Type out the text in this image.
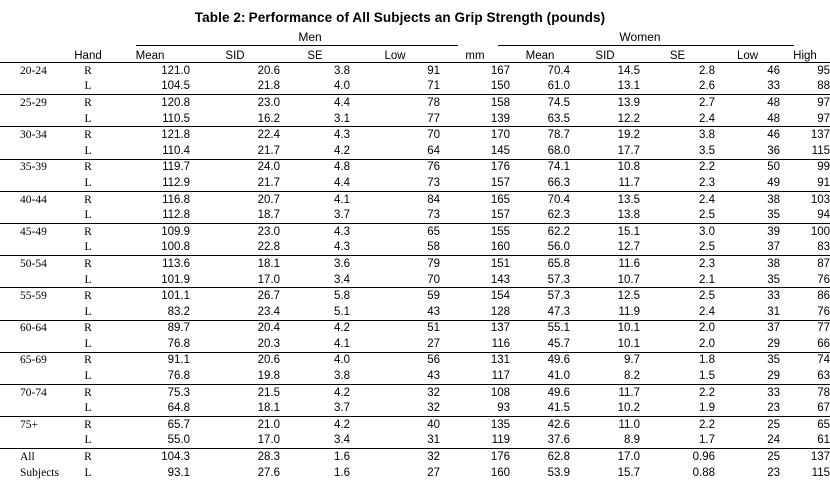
Table 2: Performance of All Subjects an Grip Strength (pounds)
Men	Women
	Hand	Mean	SID	SE	Low	mm	Mean	SID	SE	Low	High
20-24	R	121.0	20.6	3.8	91	167	70.4	14.5	2.8	46	95
	L	104.5	21.8	4.0	71	150	61.0	13.1	2.6	33	88
25-29	R	120.8	23.0	4.4	78	158	74.5	13.9	2.7	48	97
	L	110.5	16.2	3.1	77	139	63.5	12.2	2.4	48	97
30-34	R	121.8	22.4	4.3	70	170	78.7	19.2	3.8	46	137
	L	110.4	21.7	4.2	64	145	68.0	17.7	3.5	36	115
35-39	R	119.7	24.0	4.8	76	176	74.1	10.8	2.2	50	99
	L	112.9	21.7	4.4	73	157	66.3	11.7	2.3	49	91
40-44	R	116.8	20.7	4.1	84	165	70.4	13.5	2.4	38	103
	L	112.8	18.7	3.7	73	157	62.3	13.8	2.5	35	94
45-49	R	109.9	23.0	4.3	65	155	62.2	15.1	3.0	39	100
	L	100.8	22.8	4.3	58	160	56.0	12.7	2.5	37	83
50-54	R	113.6	18.1	3.6	79	151	65.8	11.6	2.3	38	87
	L	101.9	17.0	3.4	70	143	57.3	10.7	2.1	35	76
55-59	R	101.1	26.7	5.8	59	154	57.3	12.5	2.5	33	86
	L	83.2	23.4	5.1	43	128	47.3	11.9	2.4	31	76
60-64	R	89.7	20.4	4.2	51	137	55.1	10.1	2.0	37	77
	L	76.8	20.3	4.1	27	116	45.7	10.1	2.0	29	66
65-69	R	91.1	20.6	4.0	56	131	49.6	9.7	1.8	35	74
	L	76.8	19.8	3.8	43	117	41.0	8.2	1.5	29	63
70-74	R	75.3	21.5	4.2	32	108	49.6	11.7	2.2	33	78
	L	64.8	18.1	3.7	32	93	41.5	10.2	1.9	23	67
75+	R	65.7	21.0	4.2	40	135	42.6	11.0	2.2	25	65
	L	55.0	17.0	3.4	31	119	37.6	8.9	1.7	24	61
All	R	104.3	28.3	1.6	32	176	62.8	17.0	0.96	25	137
Subjects	L	93.1	27.6	1.6	27	160	53.9	15.7	0.88	23	115
